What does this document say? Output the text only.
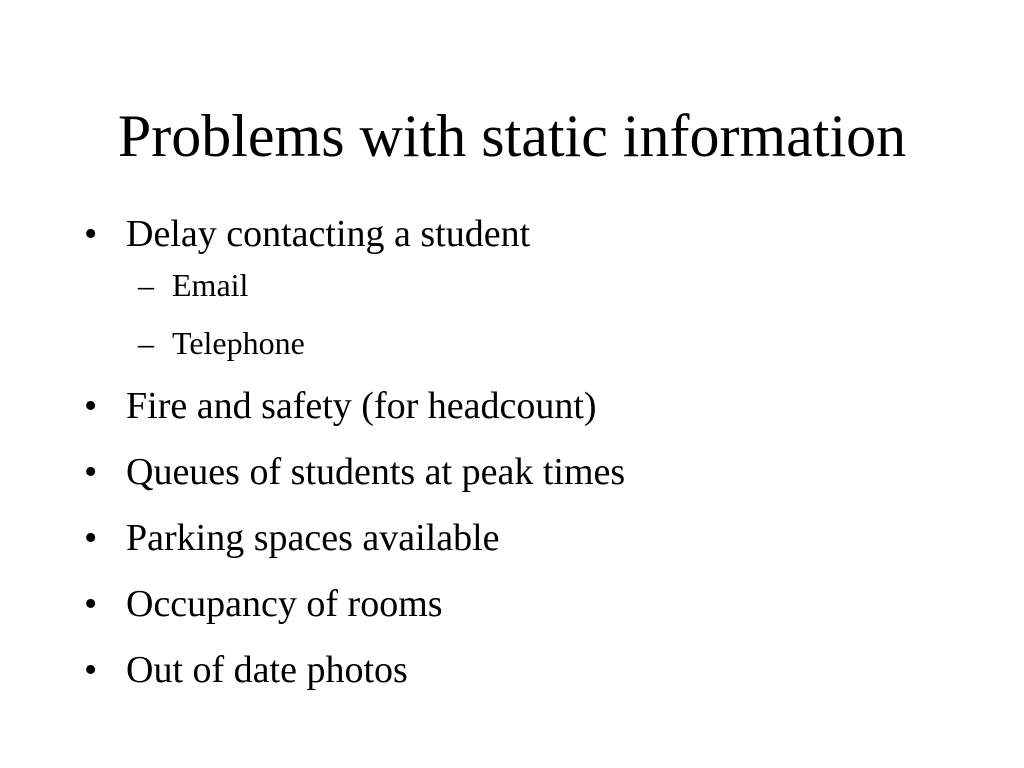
Problems with static information
• Delay contacting a student
– Email
– Telephone
• Fire and safety (for headcount)
• Queues of students at peak times
• Parking spaces available
• Occupancy of rooms
• Out of date photos
